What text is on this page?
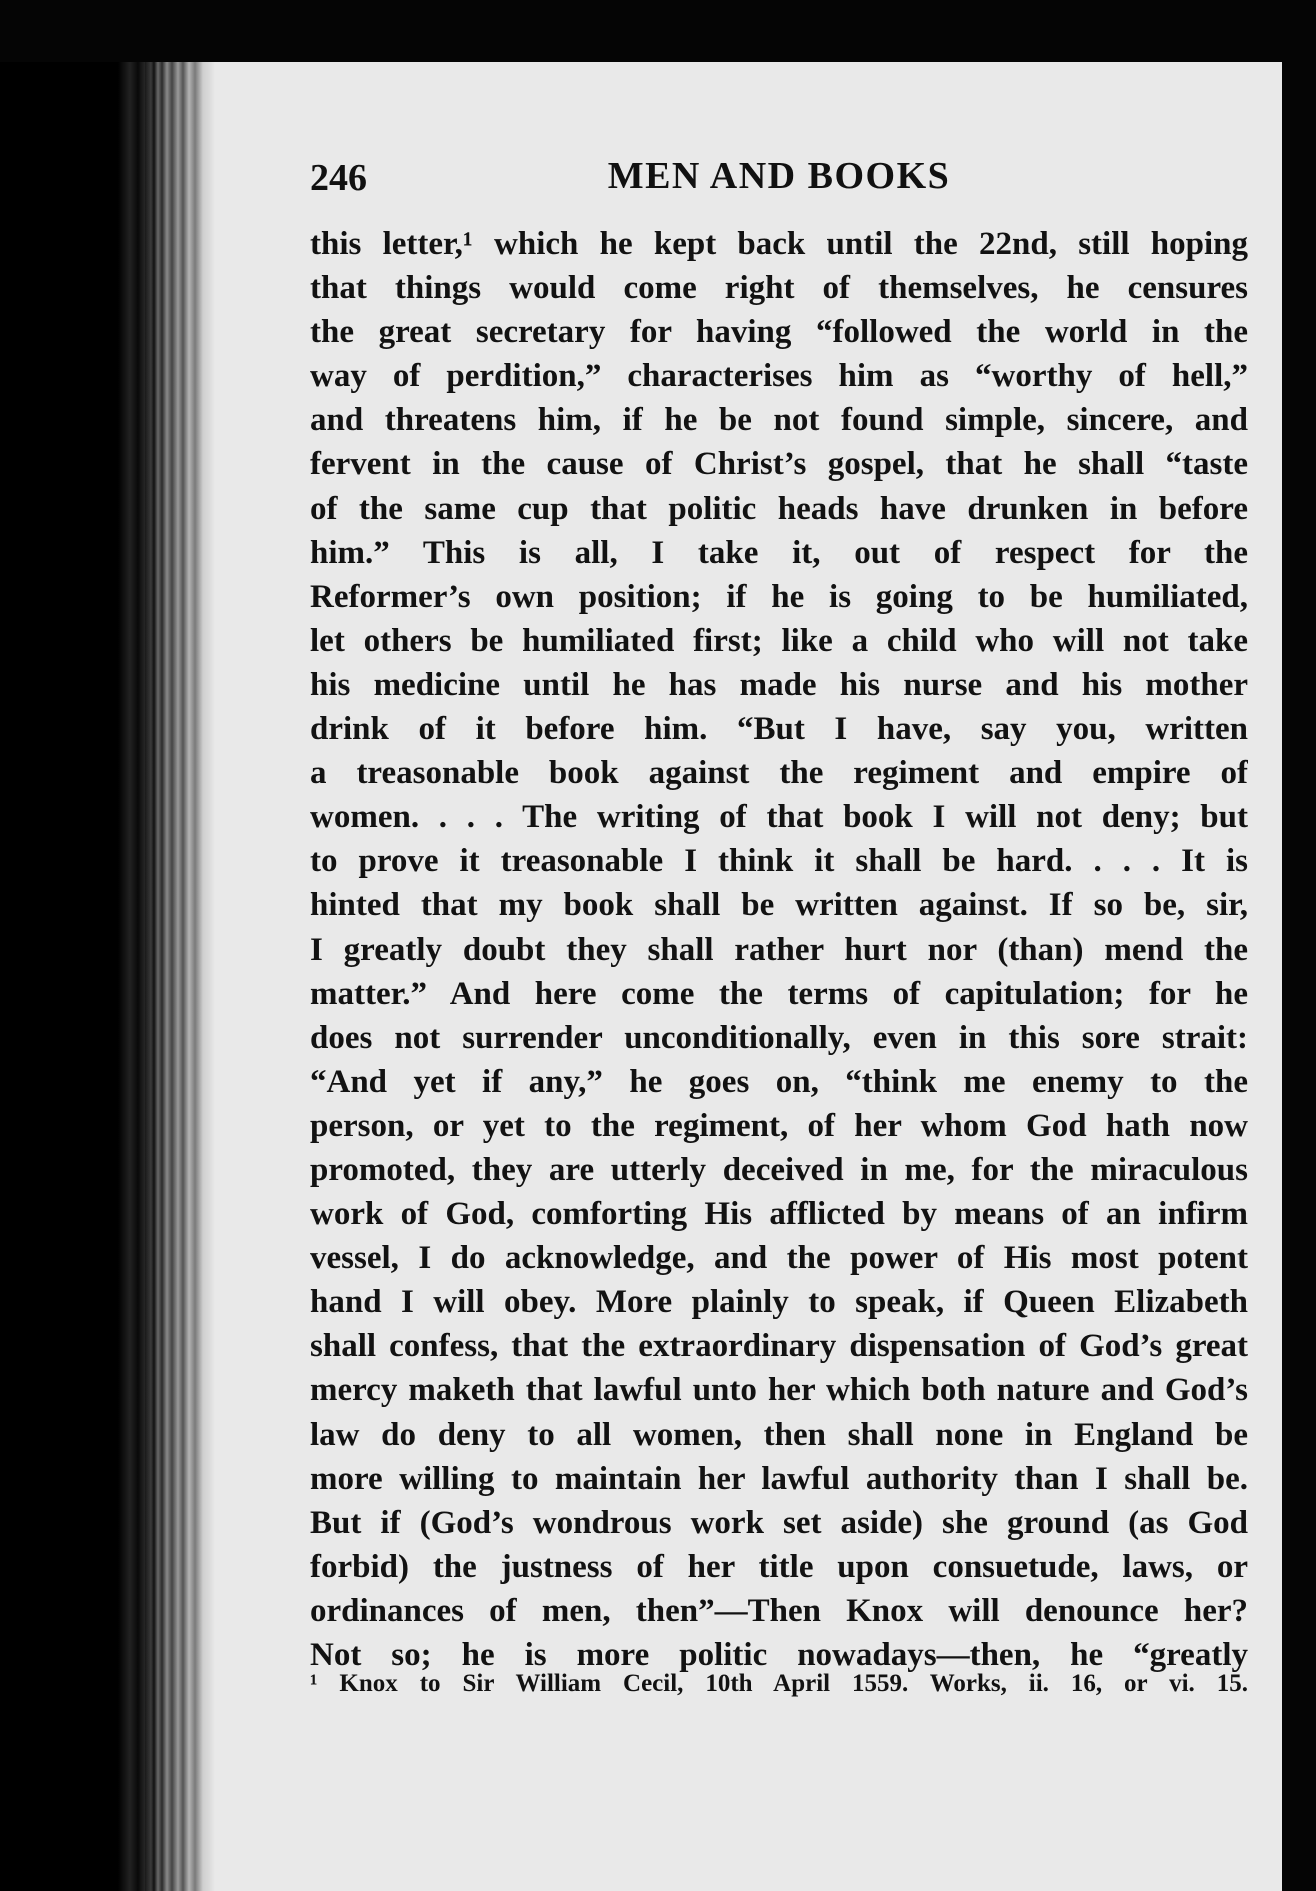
246	MEN AND BOOKS
this letter,¹ which he kept back until the 22nd, still hoping
that things would come right of themselves, he censures
the great secretary for having “followed the world in the
way of perdition,” characterises him as “worthy of hell,”
and threatens him, if he be not found simple, sincere, and
fervent in the cause of Christ’s gospel, that he shall “taste
of the same cup that politic heads have drunken in before
him.” This is all, I take it, out of respect for the
Reformer’s own position; if he is going to be humiliated,
let others be humiliated first; like a child who will not take
his medicine until he has made his nurse and his mother
drink of it before him. “But I have, say you, written
a treasonable book against the regiment and empire of
women. . . . The writing of that book I will not deny; but
to prove it treasonable I think it shall be hard. . . . It is
hinted that my book shall be written against. If so be, sir,
I greatly doubt they shall rather hurt nor (than) mend the
matter.” And here come the terms of capitulation; for he
does not surrender unconditionally, even in this sore strait:
“And yet if any,” he goes on, “think me enemy to the
person, or yet to the regiment, of her whom God hath now
promoted, they are utterly deceived in me, for the miraculous
work of God, comforting His afflicted by means of an infirm
vessel, I do acknowledge, and the power of His most potent
hand I will obey. More plainly to speak, if Queen Elizabeth
shall confess, that the extraordinary dispensation of God’s great
mercy maketh that lawful unto her which both nature and God’s
law do deny to all women, then shall none in England be
more willing to maintain her lawful authority than I shall be.
But if (God’s wondrous work set aside) she ground (as God
forbid) the justness of her title upon consuetude, laws, or
ordinances of men, then”—Then Knox will denounce her?
Not so; he is more politic nowadays—then, he “greatly
¹ Knox to Sir William Cecil, 10th April 1559. Works, ii. 16, or vi. 15.
